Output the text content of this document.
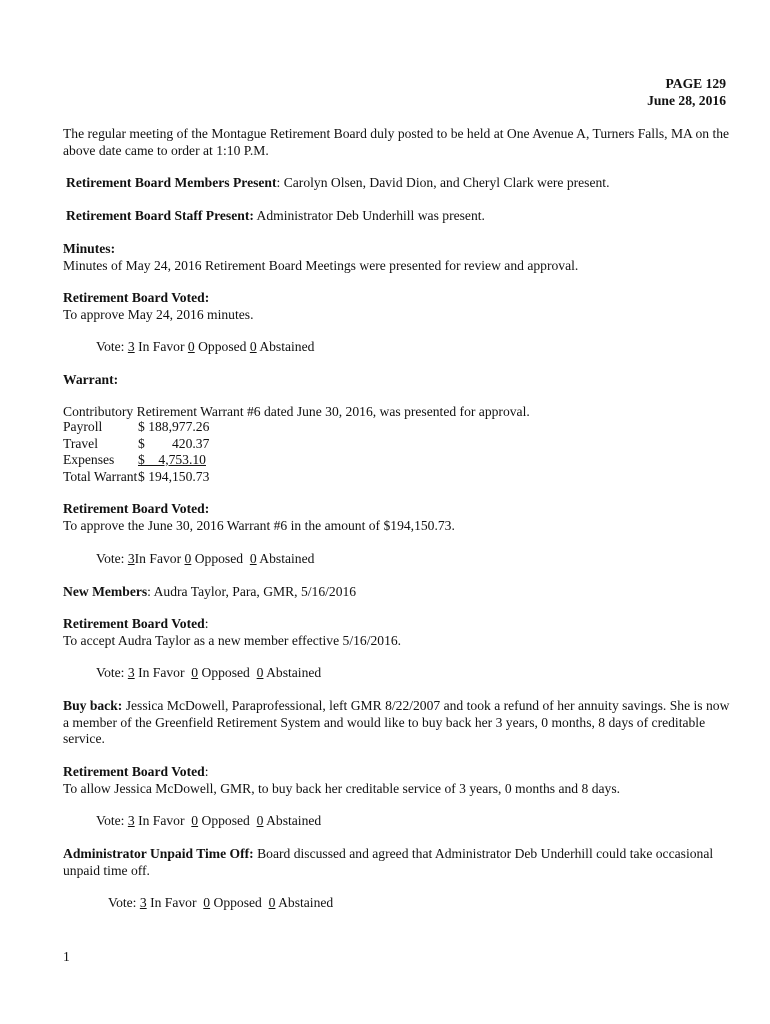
PAGE 129
June 28, 2016
The regular meeting of the Montague Retirement Board duly posted to be held at One Avenue A, Turners Falls, MA on the above date came to order at 1:10 P.M.
Retirement Board Members Present: Carolyn Olsen, David Dion, and Cheryl Clark were present.
Retirement Board Staff Present: Administrator Deb Underhill was present.
Minutes:
Minutes of May 24, 2016 Retirement Board Meetings were presented for review and approval.
Retirement Board Voted:
To approve May 24, 2016 minutes.
Vote: 3 In Favor 0 Opposed 0 Abstained
Warrant:
Contributory Retirement Warrant #6 dated June 30, 2016, was presented for approval.
Payroll	$ 188,977.26
Travel	$        420.37
Expenses	$    4,753.10
Total Warrant	$ 194,150.73
Retirement Board Voted:
To approve the June 30, 2016 Warrant #6 in the amount of $194,150.73.
Vote: 3In Favor 0 Opposed 0 Abstained
New Members: Audra Taylor, Para, GMR, 5/16/2016
Retirement Board Voted:
To accept Audra Taylor as a new member effective 5/16/2016.
Vote: 3 In Favor 0 Opposed 0 Abstained
Buy back: Jessica McDowell, Paraprofessional, left GMR 8/22/2007 and took a refund of her annuity savings. She is now a member of the Greenfield Retirement System and would like to buy back her 3 years, 0 months, 8 days of creditable service.
Retirement Board Voted:
To allow Jessica McDowell, GMR, to buy back her creditable service of 3 years, 0 months and 8 days.
Vote: 3 In Favor 0 Opposed 0 Abstained
Administrator Unpaid Time Off: Board discussed and agreed that Administrator Deb Underhill could take occasional unpaid time off.
Vote: 3 In Favor 0 Opposed 0 Abstained
1
